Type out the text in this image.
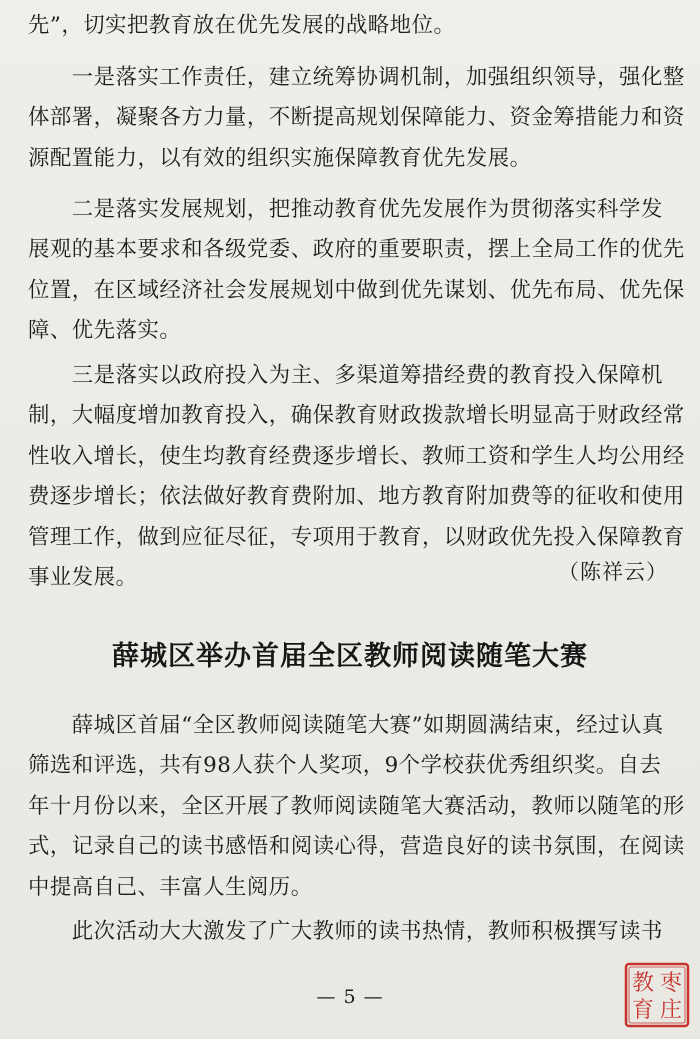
先”，切实把教育放在优先发展的战略地位。
　　一是落实工作责任，建立统筹协调机制，加强组织领导，强化整
体部署，凝聚各方力量，不断提高规划保障能力、资金筹措能力和资
源配置能力，以有效的组织实施保障教育优先发展。
　　二是落实发展规划，把推动教育优先发展作为贯彻落实科学发
展观的基本要求和各级党委、政府的重要职责，摆上全局工作的优先
位置，在区域经济社会发展规划中做到优先谋划、优先布局、优先保
障、优先落实。
　　三是落实以政府投入为主、多渠道筹措经费的教育投入保障机
制，大幅度增加教育投入，确保教育财政拨款增长明显高于财政经常
性收入增长，使生均教育经费逐步增长、教师工资和学生人均公用经
费逐步增长；依法做好教育费附加、地方教育附加费等的征收和使用
管理工作，做到应征尽征，专项用于教育，以财政优先投入保障教育
事业发展。	（陈祥云）
薛城区举办首届全区教师阅读随笔大赛
　　薛城区首届“全区教师阅读随笔大赛”如期圆满结束，经过认真
筛选和评选，共有98人获个人奖项，9个学校获优秀组织奖。自去
年十月份以来，全区开展了教师阅读随笔大赛活动，教师以随笔的形
式，记录自己的读书感悟和阅读心得，营造良好的读书氛围，在阅读
中提高自己、丰富人生阅历。
　　此次活动大大激发了广大教师的读书热情，教师积极撰写读书
— 5 —
枣
庄
教
育
